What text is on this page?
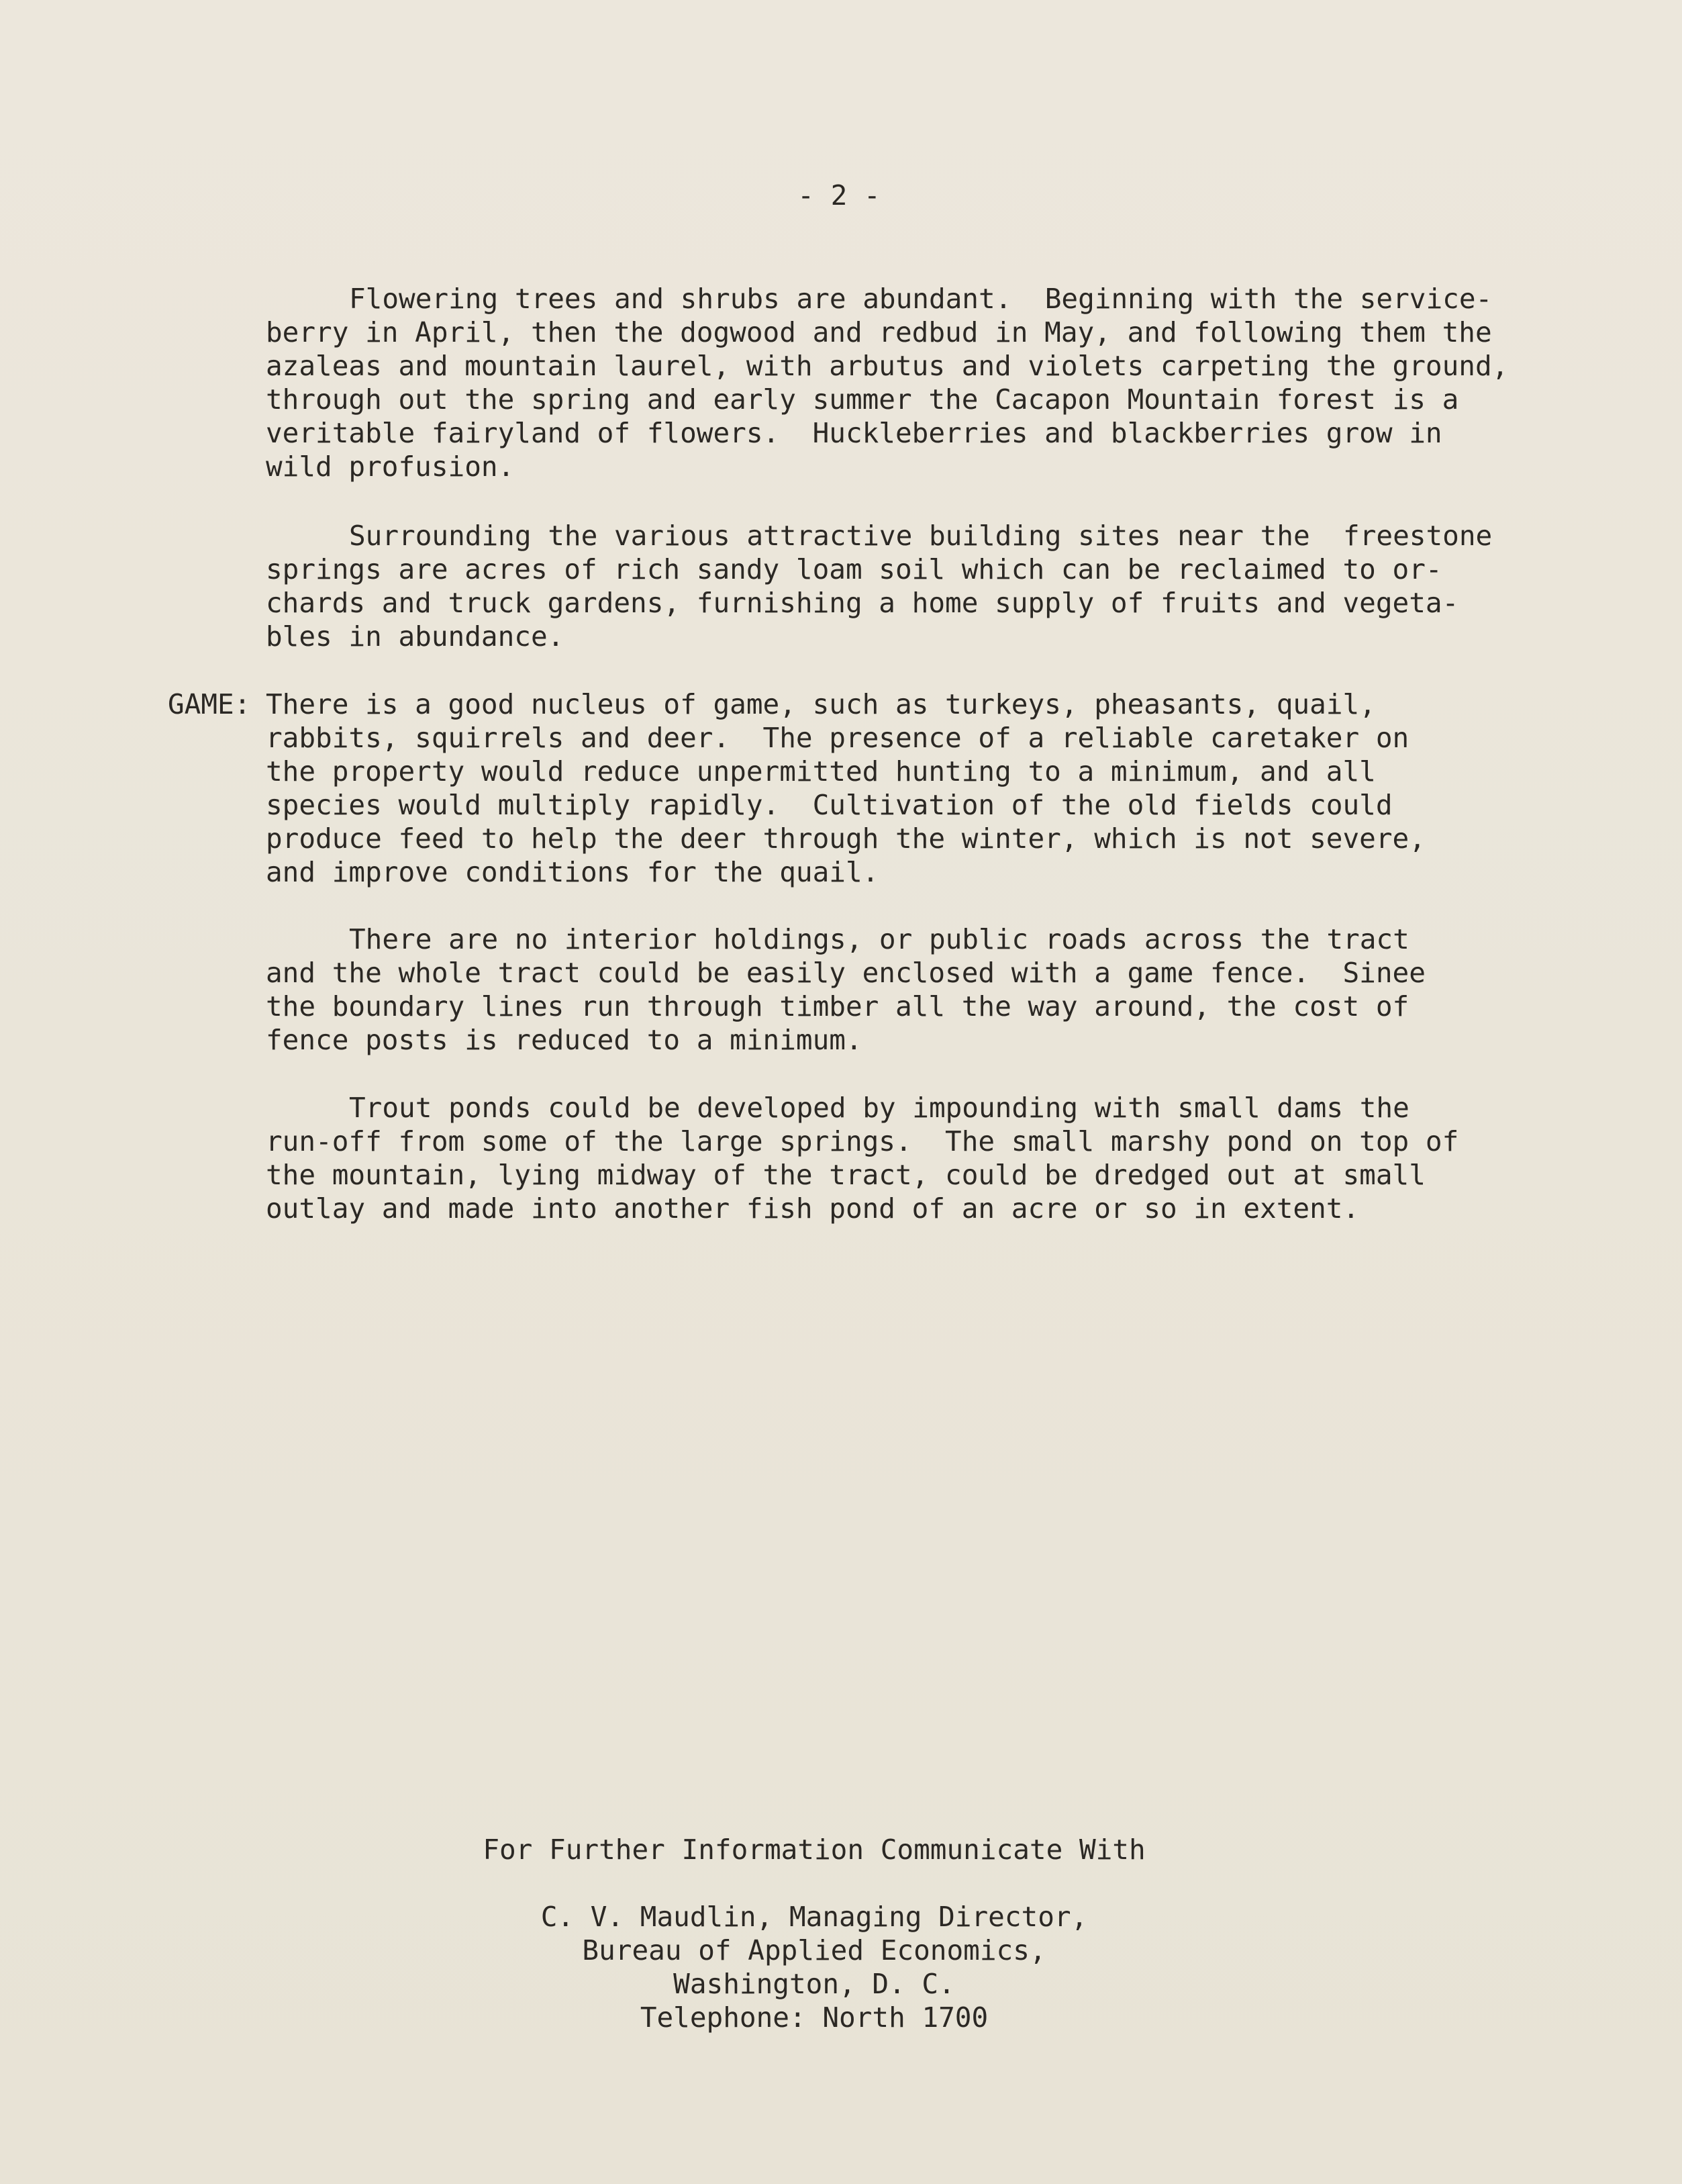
- 2 -
Flowering trees and shrubs are abundant.  Beginning with the service-
berry in April, then the dogwood and redbud in May, and following them the
azaleas and mountain laurel, with arbutus and violets carpeting the ground,
through out the spring and early summer the Cacapon Mountain forest is a
veritable fairyland of flowers.  Huckleberries and blackberries grow in
wild profusion.
Surrounding the various attractive building sites near the  freestone
springs are acres of rich sandy loam soil which can be reclaimed to or-
chards and truck gardens, furnishing a home supply of fruits and vegeta-
bles in abundance.
GAME: There is a good nucleus of game, such as turkeys, pheasants, quail,
rabbits, squirrels and deer.  The presence of a reliable caretaker on
the property would reduce unpermitted hunting to a minimum, and all
species would multiply rapidly.  Cultivation of the old fields could
produce feed to help the deer through the winter, which is not severe,
and improve conditions for the quail.
There are no interior holdings, or public roads across the tract
and the whole tract could be easily enclosed with a game fence.  Sinee
the boundary lines run through timber all the way around, the cost of
fence posts is reduced to a minimum.
Trout ponds could be developed by impounding with small dams the
run-off from some of the large springs.  The small marshy pond on top of
the mountain, lying midway of the tract, could be dredged out at small
outlay and made into another fish pond of an acre or so in extent.
For Further Information Communicate With
C. V. Maudlin, Managing Director,
Bureau of Applied Economics,
Washington, D. C.
Telephone: North 1700
